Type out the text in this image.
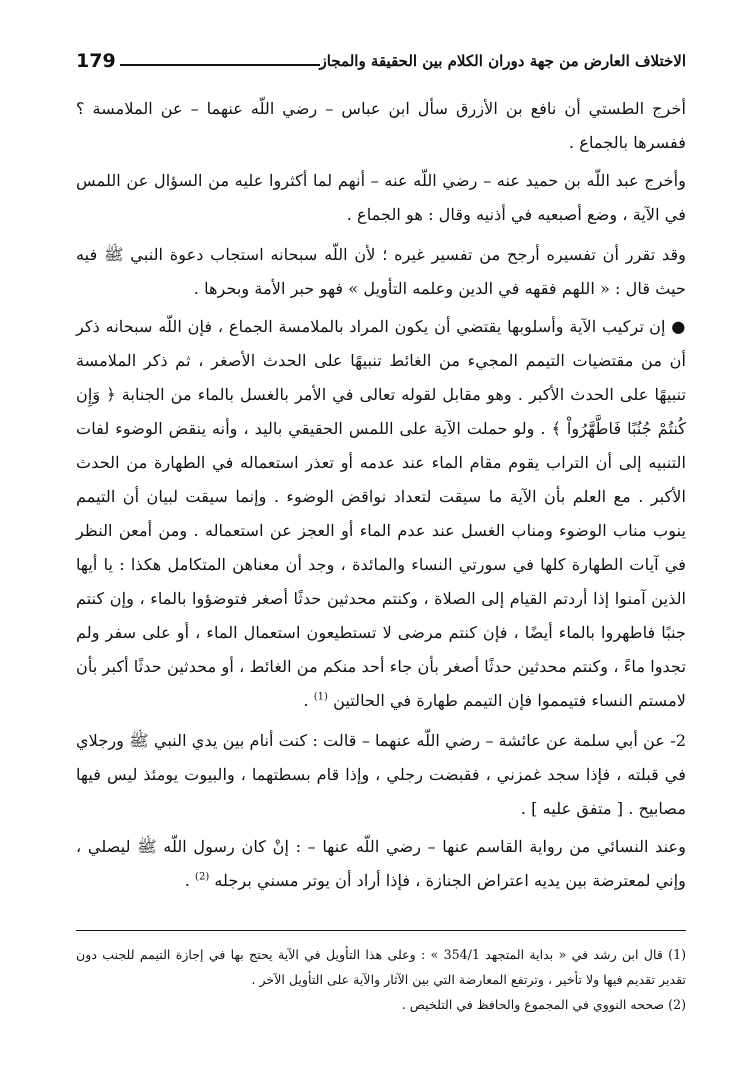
179	الاختلاف العارض من جهة دوران الكلام بين الحقيقة والمجاز

أخرج الطستي أن نافع بن الأزرق سأل ابن عباس – رضي اللّه عنهما – عن الملامسة ؟ ففسرها بالجماع .

وأخرج عبد اللّه بن حميد عنه – رضي اللّه عنه – أنهم لما أكثروا عليه من السؤال عن اللمس في الآية ، وضع أصبعيه في أذنيه وقال : هو الجماع .

وقد تقرر أن تفسيره أرجح من تفسير غيره ؛ لأن اللّه سبحانه استجاب دعوة النبي ﷺ فيه حيث قال : « اللهم فقهه في الدين وعلمه التأويل » فهو حبر الأمة وبحرها .

● إن تركيب الآية وأسلوبها يقتضي أن يكون المراد بالملامسة الجماع ، فإن اللّه سبحانه ذكر أن من مقتضيات التيمم المجيء من الغائط تنبيهًا على الحدث الأصغر ، ثم ذكر الملامسة تنبيهًا على الحدث الأكبر . وهو مقابل لقوله تعالى في الأمر بالغسل بالماء من الجنابة ﴿ وَإِن كُنتُمْ جُنُبًا فَاطَّهَّرُواْ ﴾ . ولو حملت الآية على اللمس الحقيقي باليد ، وأنه ينقض الوضوء لفات التنبيه إلى أن التراب يقوم مقام الماء عند عدمه أو تعذر استعماله في الطهارة من الحدث الأكبر . مع العلم بأن الآية ما سيقت لتعداد نواقض الوضوء . وإنما سيقت لبيان أن التيمم ينوب مناب الوضوء ومناب الغسل عند عدم الماء أو العجز عن استعماله . ومن أمعن النظر في آيات الطهارة كلها في سورتي النساء والمائدة ، وجد أن معناهن المتكامل هكذا : يا أيها الذين آمنوا إذا أردتم القيام إلى الصلاة ، وكنتم محدثين حدثًا أصغر فتوضؤوا بالماء ، وإن كنتم جنبًا فاطهروا بالماء أيضًا ، فإن كنتم مرضى لا تستطيعون استعمال الماء ، أو على سفر ولم تجدوا ماءً ، وكنتم محدثين حدثًا أصغر بأن جاء أحد منكم من الغائط ، أو محدثين حدثًا أكبر بأن لامستم النساء فتيمموا فإن التيمم طهارة في الحالتين $^{(1)}$ .

2- عن أبي سلمة عن عائشة – رضي اللّه عنهما – قالت : كنت أنام بين يدي النبي ﷺ ورجلاي في قبلته ، فإذا سجد غمزني ، فقبضت رجلي ، وإذا قام بسطتهما ، والبيوت يومئذ ليس فيها مصابيح . [ متفق عليه ] .

وعند النسائي من رواية القاسم عنها – رضي اللّه عنها – : إنْ كان رسول اللّه ﷺ ليصلي ، وإني لمعترضة بين يديه اعتراض الجنازة ، فإذا أراد أن يوتر مسني برجله $^{(2)}$ .

(1) قال ابن رشد في « بداية المتجهد 354/1 » : وعلى هذا التأويل في الآية يحتج بها في إجازة التيمم للجنب دون تقدير تقديم فيها ولا تأخير ، وترتفع المعارضة التي بين الآثار والآية على التأويل الآخر .

(2) صححه النووي في المجموع والحافظ في التلخيص .
